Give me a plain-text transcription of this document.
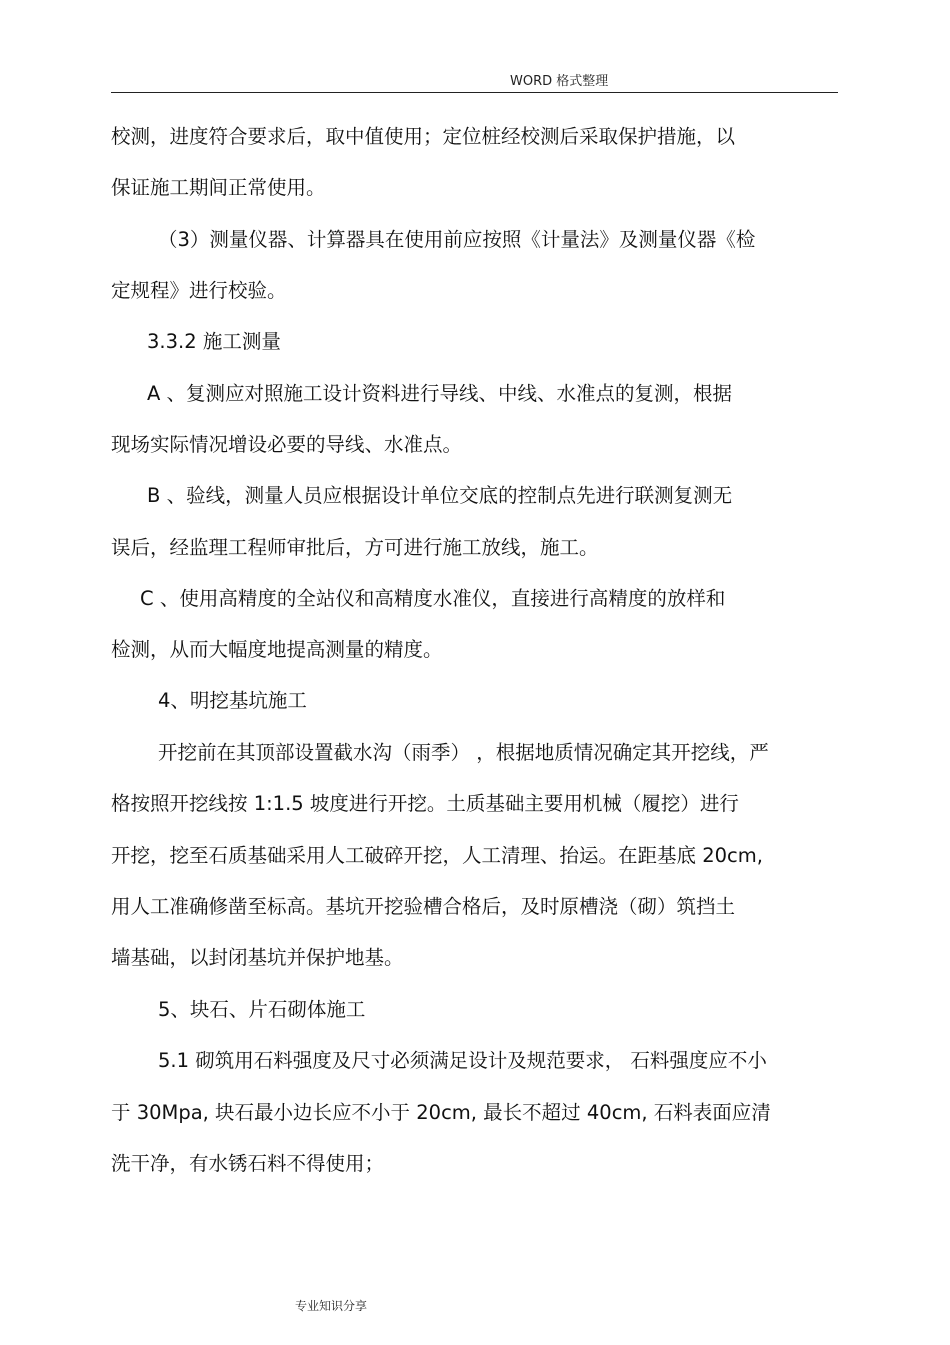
WORD 格式整理
校测，进度符合要求后，取中值使用；定位桩经校测后采取保护措施，以
保证施工期间正常使用。
（3）测量仪器、计算器具在使用前应按照《计量法》及测量仪器《检
定规程》进行校验。
3.3.2 施工测量
A 、复测应对照施工设计资料进行导线、中线、水准点的复测，根据
现场实际情况增设必要的导线、水准点。
B 、验线，测量人员应根据设计单位交底的控制点先进行联测复测无
误后，经监理工程师审批后，方可进行施工放线，施工。
C 、使用高精度的全站仪和高精度水准仪，直接进行高精度的放样和
检测，从而大幅度地提高测量的精度。
4、明挖基坑施工
开挖前在其顶部设置截水沟（雨季） ，根据地质情况确定其开挖线，严
格按照开挖线按 1:1.5 坡度进行开挖。土质基础主要用机械（履挖）进行
开挖，挖至石质基础采用人工破碎开挖，人工清理、抬运。在距基底 20cm,
用人工准确修凿至标高。基坑开挖验槽合格后，及时原槽浇（砌）筑挡土
墙基础，以封闭基坑并保护地基。
5、块石、片石砌体施工
5.1 砌筑用石料强度及尺寸必须满足设计及规范要求， 石料强度应不小
于 30Mpa, 块石最小边长应不小于 20cm, 最长不超过 40cm, 石料表面应清
洗干净，有水锈石料不得使用；
专业知识分享
